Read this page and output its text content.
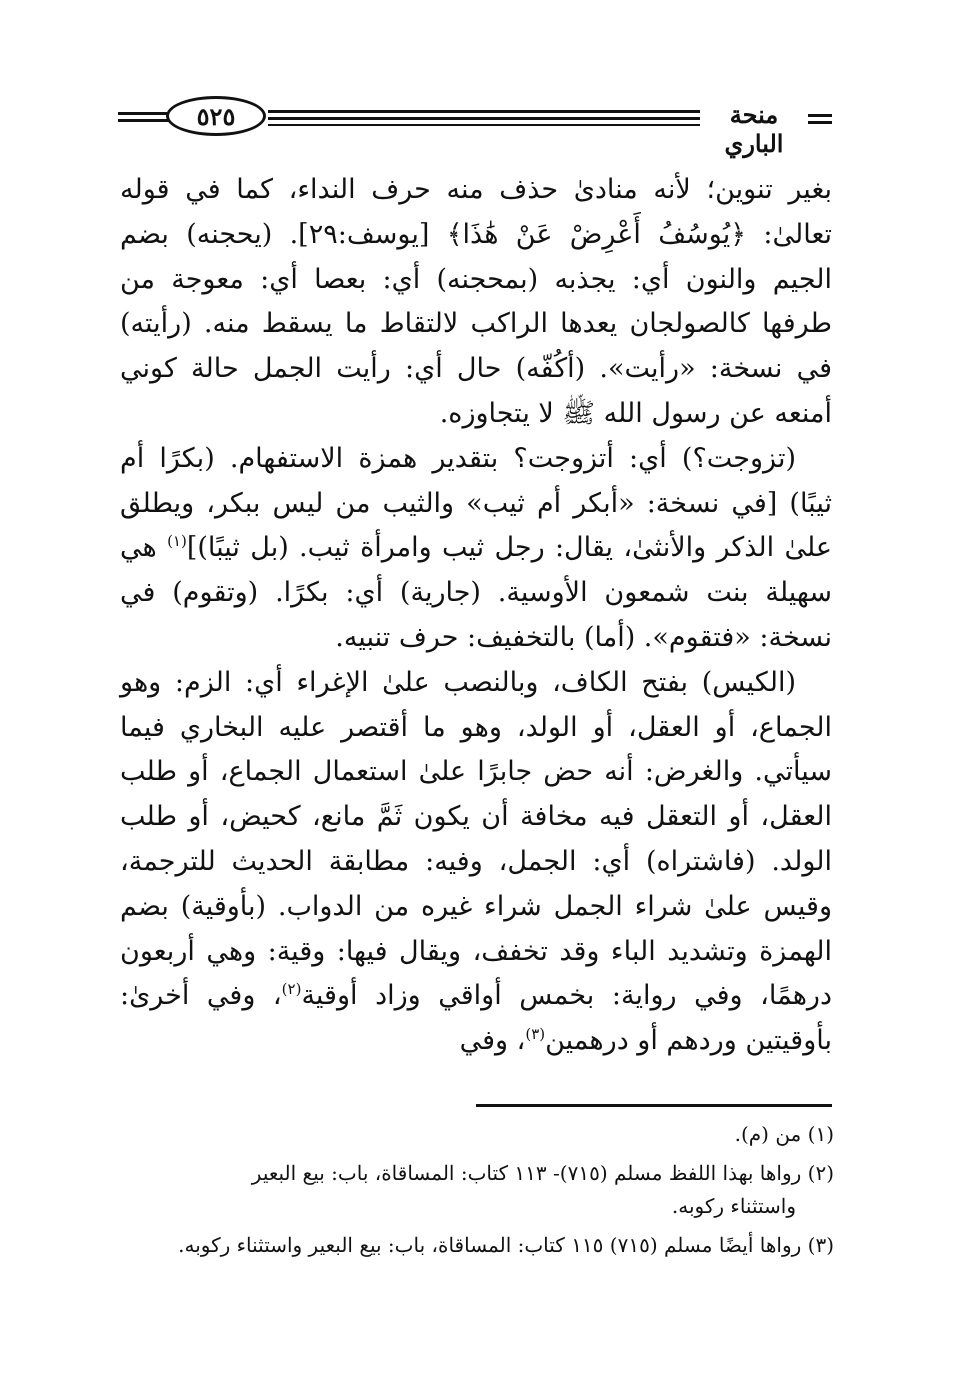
٥٢٥	منحة الباري

بغير تنوين؛ لأنه منادىٰ حذف منه حرف النداء، كما في قوله تعالىٰ: ﴿يُوسُفُ أَعْرِضْ عَنْ هَٰذَا﴾ [يوسف:٢٩]. (يحجنه) بضم الجيم والنون أي: يجذبه (بمحجنه) أي: بعصا أي: معوجة من طرفها كالصولجان يعدها الراكب لالتقاط ما يسقط منه. (رأيته) في نسخة: «رأيت». (أكُفّه) حال أي: رأيت الجمل حالة كوني أمنعه عن رسول الله ﷺ لا يتجاوزه.

(تزوجت؟) أي: أتزوجت؟ بتقدير همزة الاستفهام. (بكرًا أم ثيبًا) [في نسخة: «أبكر أم ثيب» والثيب من ليس ببكر، ويطلق علىٰ الذكر والأنثىٰ، يقال: رجل ثيب وامرأة ثيب. (بل ثيبًا)]$^{(١)}$ هي سهيلة بنت شمعون الأوسية. (جارية) أي: بكرًا. (وتقوم) في نسخة: «فتقوم». (أما) بالتخفيف: حرف تنبيه.

(الكيس) بفتح الكاف، وبالنصب علىٰ الإغراء أي: الزم: وهو الجماع، أو العقل، أو الولد، وهو ما أقتصر عليه البخاري فيما سيأتي. والغرض: أنه حض جابرًا علىٰ استعمال الجماع، أو طلب العقل، أو التعقل فيه مخافة أن يكون ثَمَّ مانع، كحيض، أو طلب الولد. (فاشتراه) أي: الجمل، وفيه: مطابقة الحديث للترجمة، وقيس علىٰ شراء الجمل شراء غيره من الدواب. (بأوقية) بضم الهمزة وتشديد الباء وقد تخفف، ويقال فيها: وقية: وهي أربعون درهمًا، وفي رواية: بخمس أواقي وزاد أوقية$^{(٢)}$، وفي أخرىٰ: بأوقيتين وردهم أو درهمين$^{(٣)}$، وفي

(١) من (م).

(٢) رواها بهذا اللفظ مسلم (٧١٥)- ١١٣ كتاب: المساقاة، باب: بيع البعير
واستثناء ركوبه.

(٣) رواها أيضًا مسلم (٧١٥) ١١٥ كتاب: المساقاة، باب: بيع البعير واستثناء ركوبه.
